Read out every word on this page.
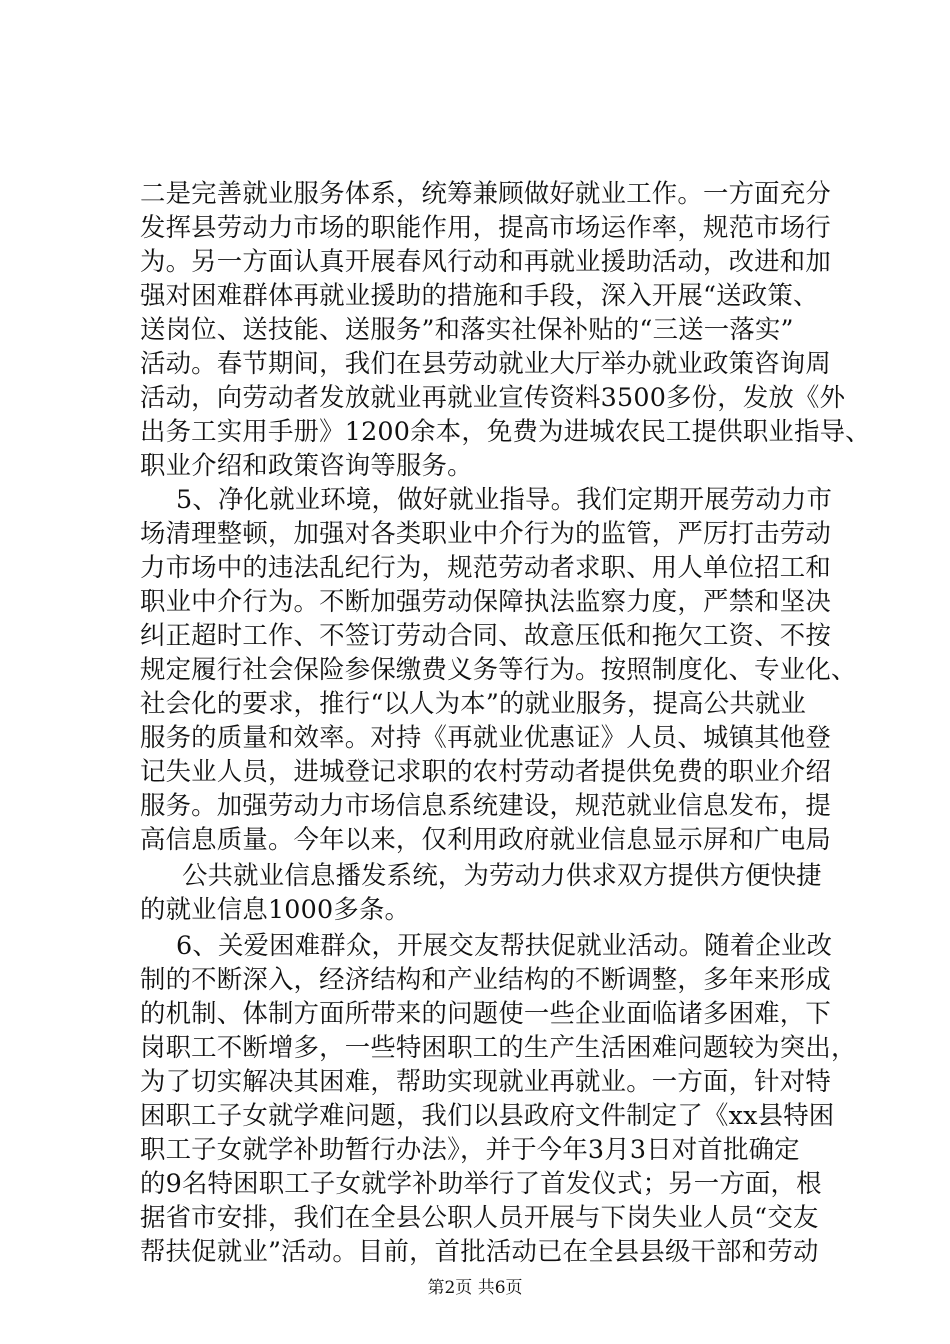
二是完善就业服务体系，统筹兼顾做好就业工作。一方面充分
发挥县劳动力市场的职能作用，提高市场运作率，规范市场行
为。另一方面认真开展春风行动和再就业援助活动，改进和加
强对困难群体再就业援助的措施和手段，深入开展“送政策、
送岗位、送技能、送服务”和落实社保补贴的“三送一落实”
活动。春节期间，我们在县劳动就业大厅举办就业政策咨询周
活动，向劳动者发放就业再就业宣传资料3500多份，发放《外
出务工实用手册》1200余本，免费为进城农民工提供职业指导、
职业介绍和政策咨询等服务。
5、净化就业环境，做好就业指导。我们定期开展劳动力市
场清理整顿，加强对各类职业中介行为的监管，严厉打击劳动
力市场中的违法乱纪行为，规范劳动者求职、用人单位招工和
职业中介行为。不断加强劳动保障执法监察力度，严禁和坚决
纠正超时工作、不签订劳动合同、故意压低和拖欠工资、不按
规定履行社会保险参保缴费义务等行为。按照制度化、专业化、
社会化的要求，推行“以人为本”的就业服务，提高公共就业
服务的质量和效率。对持《再就业优惠证》人员、城镇其他登
记失业人员，进城登记求职的农村劳动者提供免费的职业介绍
服务。加强劳动力市场信息系统建设，规范就业信息发布，提
高信息质量。今年以来，仅利用政府就业信息显示屏和广电局
公共就业信息播发系统，为劳动力供求双方提供方便快捷
的就业信息1000多条。
6、关爱困难群众，开展交友帮扶促就业活动。随着企业改
制的不断深入，经济结构和产业结构的不断调整，多年来形成
的机制、体制方面所带来的问题使一些企业面临诸多困难，下
岗职工不断增多，一些特困职工的生产生活困难问题较为突出，
为了切实解决其困难，帮助实现就业再就业。一方面，针对特
困职工子女就学难问题，我们以县政府文件制定了《xx县特困
职工子女就学补助暂行办法》，并于今年3月3日对首批确定
的9名特困职工子女就学补助举行了首发仪式；另一方面，根
据省市安排，我们在全县公职人员开展与下岗失业人员“交友
帮扶促就业”活动。目前，首批活动已在全县县级干部和劳动
第2页 共6页
